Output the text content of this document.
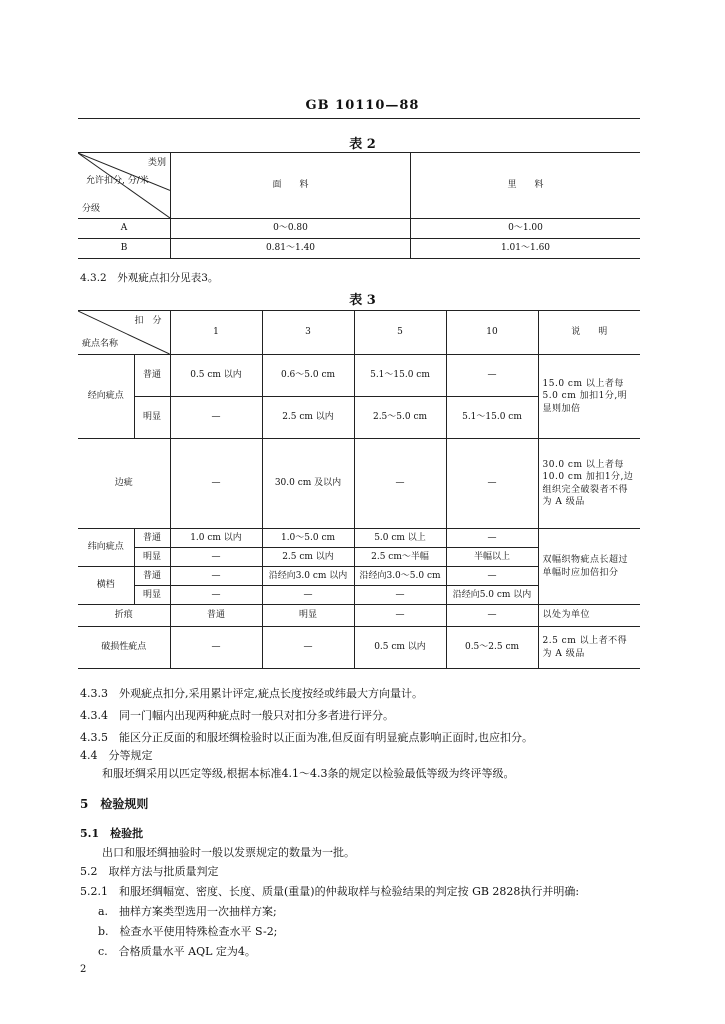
GB 10110—88
表 2
类别
允许扣分, 分/米
分级	面　　料	里　　料
A	0～0.80	0～1.00
B	0.81～1.40	1.01～1.60
4.3.2　外观疵点扣分见表3。
表 3
扣　分
疵点名称		1	3	5	10	说　　明
经向疵点	普通	0.5 cm 以内	0.6～5.0 cm	5.1～15.0 cm	—	15.0 cm 以上者每5.0 cm 加扣1分,明显则加倍
	明显	—	2.5 cm 以内	2.5～5.0 cm	5.1～15.0 cm	
边疵		—	30.0 cm 及以内	—	—	30.0 cm 以上者每10.0 cm 加扣1分,边组织完全破裂者不得为 A 级品
纬向疵点	普通	1.0 cm 以内	1.0～5.0 cm	5.0 cm 以上	—	双幅织物疵点长超过单幅时应加倍扣分
	明显	—	2.5 cm 以内	2.5 cm～半幅	半幅以上	
横档	普通	—	沿经向3.0 cm 以内	沿经向3.0～5.0 cm	—	
	明显	—	—	—	沿经向5.0 cm 以内	
折痕		普通	明显	—	—	以处为单位
破损性疵点		—	—	0.5 cm 以内	0.5～2.5 cm	2.5 cm 以上者不得为 A 级品
4.3.3　外观疵点扣分,采用累计评定,疵点长度按经或纬最大方向量计。
4.3.4　同一门幅内出现两种疵点时一般只对扣分多者进行评分。
4.3.5　能区分正反面的和服坯绸检验时以正面为准,但反面有明显疵点影响正面时,也应扣分。
4.4　分等规定
和服坯绸采用以匹定等级,根据本标准4.1～4.3条的规定以检验最低等级为终评等级。
5　检验规则
5.1　检验批
出口和服坯绸抽验时一般以发票规定的数量为一批。
5.2　取样方法与批质量判定
5.2.1　和服坯绸幅宽、密度、长度、质量(重量)的仲裁取样与检验结果的判定按 GB 2828执行并明确:
a.　抽样方案类型选用一次抽样方案;
b.　检查水平使用特殊检查水平 S-2;
c.　合格质量水平 AQL 定为4。
2
